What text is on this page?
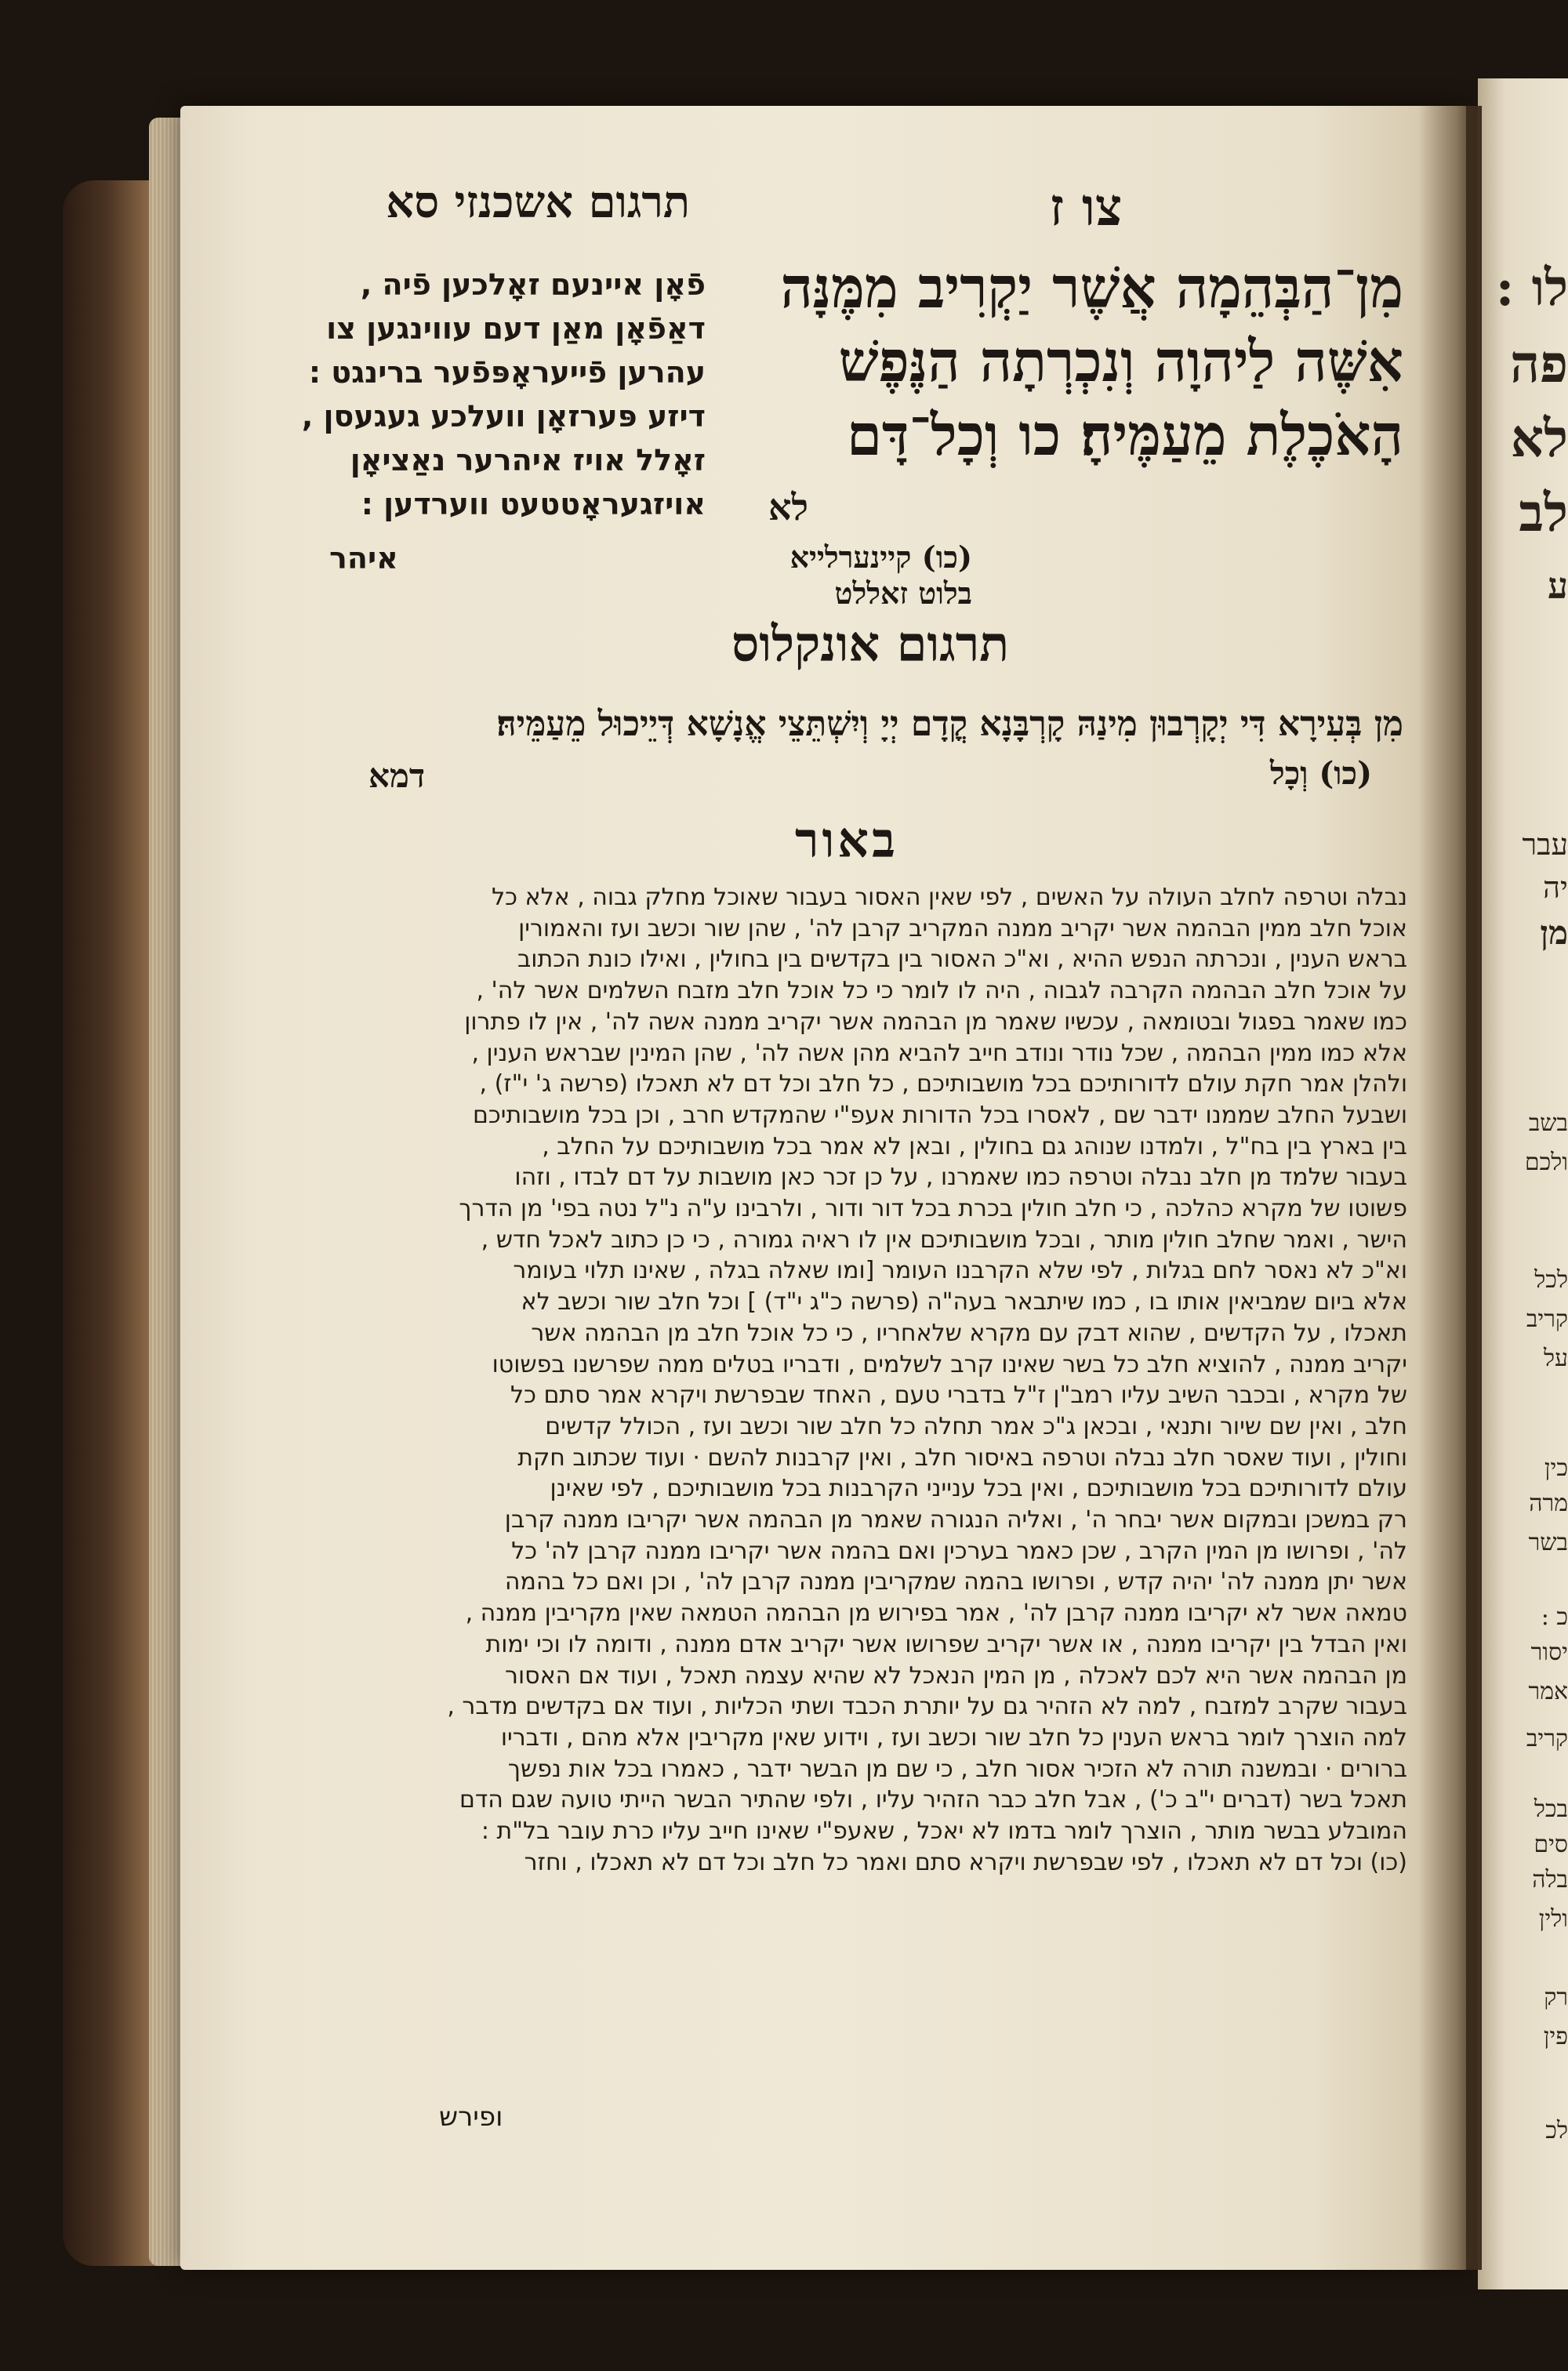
לו :
פה
לא
לב
ע
עבר
יה
מן
בשב
ולכם
לכל
קריב
על
כין
מרה
בשר
כ :
יסור
אמר
קריב
בכל
סים
בלה
ולין
רק
פין
לכ
צו ז
תרגום אשכנזי סא
מִן־הַבְּהֵמָה אֲשֶׁר יַקְרִיב מִמֶּנָּה
אִשֶּׁה לַיהוָה וְנִכְרְתָה הַנֶּפֶשׁ
הָאֹכֶלֶת מֵעַמֶּיהָ׃ כו וְכָל־דָּם
לא
(כו) קיינערלייא בלוט זאללט
פֿאָן איינעם זאָלכען פֿיה ,
דאַפֿאָן מאַן דעם עווינגען צו
עהרען פֿייעראָפּפֿער ברינגט :
דיזע פּערזאָן וועלכע געגעסן ,
זאָלל אויז איהרער נאַציאָן
אויזגעראָטטעט ווערדען :
איהר
תרגום אונקלוס
מִן בְּעִירָא דִּי יְקָרְבוּן מִינַהּ קָרְבָּנָא קֳדָם יְיָ וְיִשְׁתֵּצֵי אֱנָשָׁא דְּיֵיכוּל מֵעַמֵּיהּ׃
(כו) וְכָל
דמא
באור
נבלה וטרפה לחלב העולה על האשים , לפי שאין האסור בעבור שאוכל מחלק גבוה , אלא כל
אוכל חלב ממין הבהמה אשר יקריב ממנה המקריב קרבן לה' , שהן שור וכשב ועז והאמורין
בראש הענין , ונכרתה הנפש ההיא , וא"כ האסור בין בקדשים בין בחולין , ואילו כונת הכתוב
על אוכל חלב הבהמה הקרבה לגבוה , היה לו לומר כי כל אוכל חלב מזבח השלמים אשר לה' ,
כמו שאמר בפגול ובטומאה , עכשיו שאמר מן הבהמה אשר יקריב ממנה אשה לה' , אין לו פתרון
אלא כמו ממין הבהמה , שכל נודר ונודב חייב להביא מהן אשה לה' , שהן המינין שבראש הענין ,
ולהלן אמר חקת עולם לדורותיכם בכל מושבותיכם , כל חלב וכל דם לא תאכלו (פרשה ג' י"ז) ,
ושבעל החלב שממנו ידבר שם , לאסרו בכל הדורות אעפ"י שהמקדש חרב , וכן בכל מושבותיכם
בין בארץ בין בח"ל , ולמדנו שנוהג גם בחולין , ובאן לא אמר בכל מושבותיכם על החלב ,
בעבור שלמד מן חלב נבלה וטרפה כמו שאמרנו , על כן זכר כאן מושבות על דם לבדו , וזהו
פשוטו של מקרא כהלכה , כי חלב חולין בכרת בכל דור ודור , ולרבינו ע"ה נ"ל נטה בפי' מן הדרך
הישר , ואמר שחלב חולין מותר , ובכל מושבותיכם אין לו ראיה גמורה , כי כן כתוב לאכל חדש ,
וא"כ לא נאסר לחם בגלות , לפי שלא הקרבנו העומר [ומו שאלה בגלה , שאינו תלוי בעומר
אלא ביום שמביאין אותו בו , כמו שיתבאר בעה"ה (פרשה כ"ג י"ד) ] וכל חלב שור וכשב לא
תאכלו , על הקדשים , שהוא דבק עם מקרא שלאחריו , כי כל אוכל חלב מן הבהמה אשר
יקריב ממנה , להוציא חלב כל בשר שאינו קרב לשלמים , ודבריו בטלים ממה שפרשנו בפשוטו
של מקרא , ובכבר השיב עליו רמב"ן ז"ל בדברי טעם , האחד שבפרשת ויקרא אמר סתם כל
חלב , ואין שם שיור ותנאי , ובכאן ג"כ אמר תחלה כל חלב שור וכשב ועז , הכולל קדשים
וחולין , ועוד שאסר חלב נבלה וטרפה באיסור חלב , ואין קרבנות להשם · ועוד שכתוב חקת
עולם לדורותיכם בכל מושבותיכם , ואין בכל ענייני הקרבנות בכל מושבותיכם , לפי שאינן
רק במשכן ובמקום אשר יבחר ה' , ואליה הנגורה שאמר מן הבהמה אשר יקריבו ממנה קרבן
לה' , ופרושו מן המין הקרב , שכן כאמר בערכין ואם בהמה אשר יקריבו ממנה קרבן לה' כל
אשר יתן ממנה לה' יהיה קדש , ופרושו בהמה שמקריבין ממנה קרבן לה' , וכן ואם כל בהמה
טמאה אשר לא יקריבו ממנה קרבן לה' , אמר בפירוש מן הבהמה הטמאה שאין מקריבין ממנה ,
ואין הבדל בין יקריבו ממנה , או אשר יקריב שפרושו אשר יקריב אדם ממנה , ודומה לו וכי ימות
מן הבהמה אשר היא לכם לאכלה , מן המין הנאכל לא שהיא עצמה תאכל , ועוד אם האסור
בעבור שקרב למזבח , למה לא הזהיר גם על יותרת הכבד ושתי הכליות , ועוד אם בקדשים מדבר ,
למה הוצרך לומר בראש הענין כל חלב שור וכשב ועז , וידוע שאין מקריבין אלא מהם , ודבריו
ברורים · ובמשנה תורה לא הזכיר אסור חלב , כי שם מן הבשר ידבר , כאמרו בכל אות נפשך
תאכל בשר (דברים י"ב כ') , אבל חלב כבר הזהיר עליו , ולפי שהתיר הבשר הייתי טועה שגם הדם
המובלע בבשר מותר , הוצרך לומר בדמו לא יאכל , שאעפ"י שאינו חייב עליו כרת עובר בל"ת :
(כו) וכל דם לא תאכלו , לפי שבפרשת ויקרא סתם ואמר כל חלב וכל דם לא תאכלו , וחזר
ופירש
